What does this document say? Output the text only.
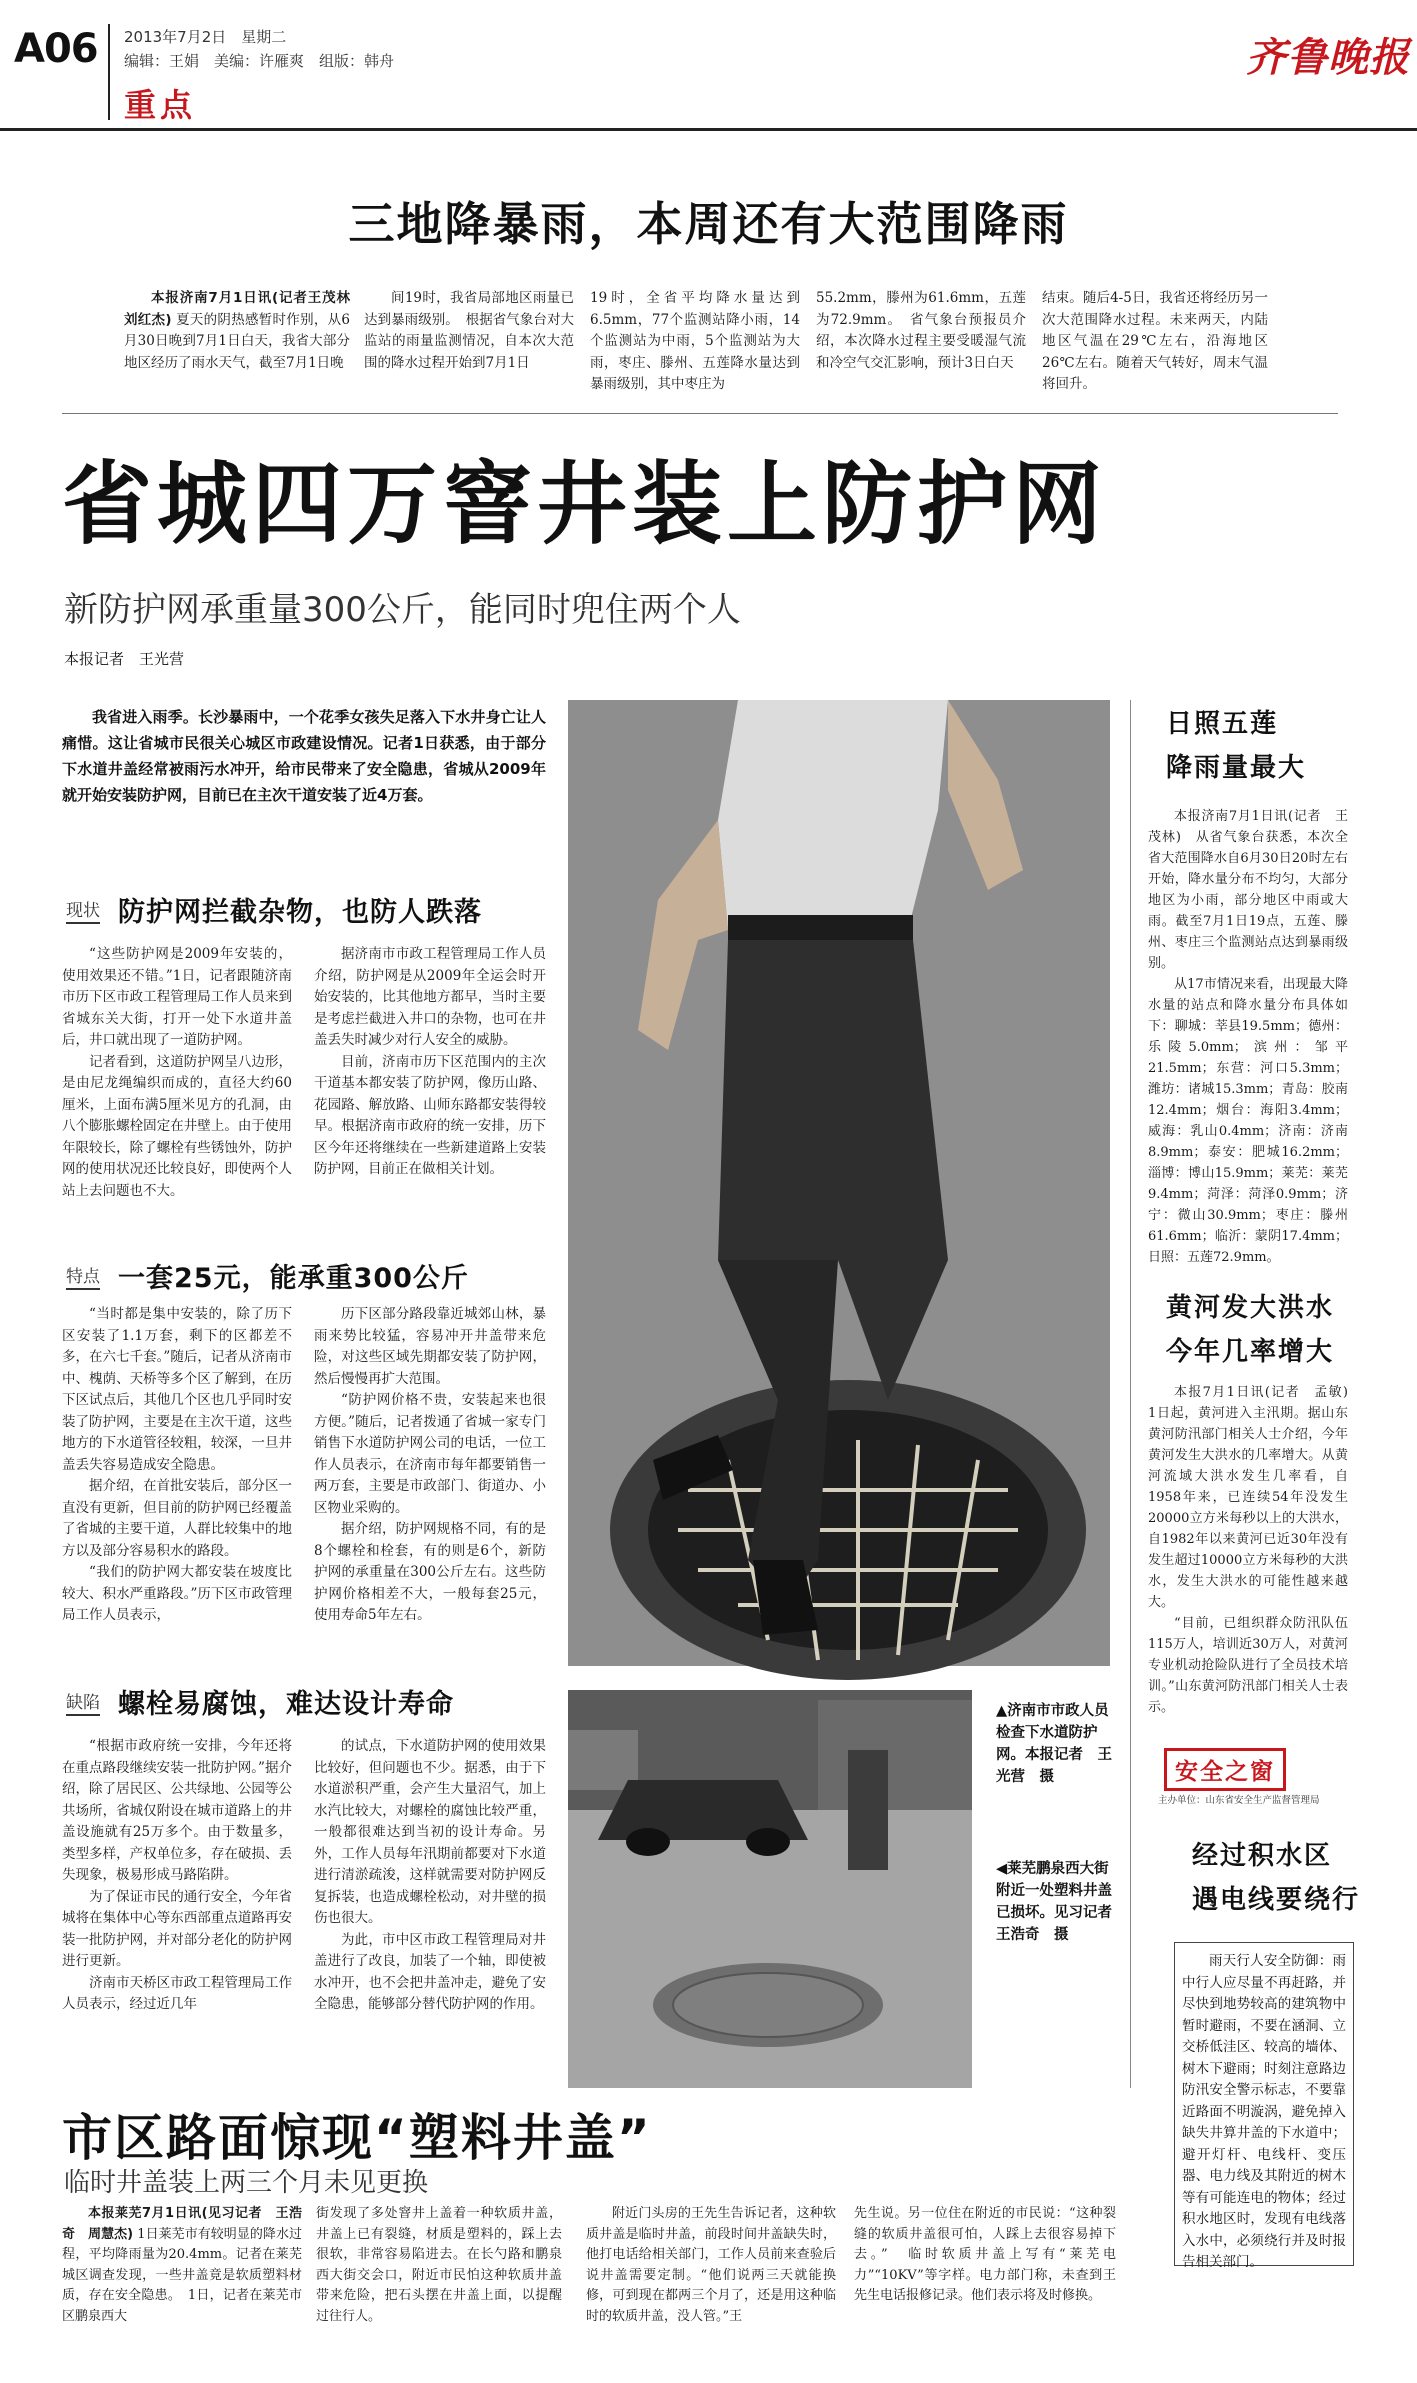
A06 2013年7月2日　星期二
编辑：王娟　美编：许雁爽　组版：韩舟
重点
齐鲁晚报
三地降暴雨，本周还有大范围降雨

本报济南7月1日讯(记者王茂林　刘红杰) 夏天的阴热感暂时作别，从6月30日晚到7月1日白天，我省大部分地区经历了雨水天气，截至7月1日晚

间19时，我省局部地区雨量已达到暴雨级别。　根据省气象台对大监站的雨量监测情况，自本次大范围的降水过程开始到7月1日

19时，全省平均降水量达到6.5mm，77个监测站降小雨，14个监测站为中雨，5个监测站为大雨，枣庄、滕州、五莲降水量达到暴雨级别，其中枣庄为

55.2mm，滕州为61.6mm，五莲为72.9mm。　省气象台预报员介绍，本次降水过程主要受暖湿气流和冷空气交汇影响，预计3日白天

结束。随后4-5日，我省还将经历另一次大范围降水过程。未来两天，内陆地区气温在29℃左右，沿海地区26℃左右。随着天气转好，周末气温将回升。

省城四万窨井装上防护网
新防护网承重量300公斤，能同时兜住两个人
本报记者　王光营

我省进入雨季。长沙暴雨中，一个花季女孩失足落入下水井身亡让人痛惜。这让省城市民很关心城区市政建设情况。记者1日获悉，由于部分下水道井盖经常被雨污水冲开，给市民带来了安全隐患，省城从2009年就开始安装防护网，目前已在主次干道安装了近4万套。

现状 防护网拦截杂物，也防人跌落

“这些防护网是2009年安装的，使用效果还不错。”1日，记者跟随济南市历下区市政工程管理局工作人员来到省城东关大街，打开一处下水道井盖后，井口就出现了一道防护网。

记者看到，这道防护网呈八边形，是由尼龙绳编织而成的，直径大约60厘米，上面布满5厘米见方的孔洞，由八个膨胀螺栓固定在井壁上。由于使用年限较长，除了螺栓有些锈蚀外，防护网的使用状况还比较良好，即使两个人站上去问题也不大。

据济南市市政工程管理局工作人员介绍，防护网是从2009年全运会时开始安装的，比其他地方都早，当时主要是考虑拦截进入井口的杂物，也可在井盖丢失时减少对行人安全的威胁。

目前，济南市历下区范围内的主次干道基本都安装了防护网，像历山路、花园路、解放路、山师东路都安装得较早。根据济南市政府的统一安排，历下区今年还将继续在一些新建道路上安装防护网，目前正在做相关计划。

特点 一套25元，能承重300公斤

“当时都是集中安装的，除了历下区安装了1.1万套，剩下的区都差不多，在六七千套。”随后，记者从济南市中、槐荫、天桥等多个区了解到，在历下区试点后，其他几个区也几乎同时安装了防护网，主要是在主次干道，这些地方的下水道管径较粗，较深，一旦井盖丢失容易造成安全隐患。

据介绍，在首批安装后，部分区一直没有更新，但目前的防护网已经覆盖了省城的主要干道，人群比较集中的地方以及部分容易积水的路段。

“我们的防护网大都安装在坡度比较大、积水严重路段。”历下区市政管理局工作人员表示，

历下区部分路段靠近城郊山林，暴雨来势比较猛，容易冲开井盖带来危险，对这些区域先期都安装了防护网，然后慢慢再扩大范围。

“防护网价格不贵，安装起来也很方便。”随后，记者拨通了省城一家专门销售下水道防护网公司的电话，一位工作人员表示，在济南市每年都要销售一两万套，主要是市政部门、街道办、小区物业采购的。

据介绍，防护网规格不同，有的是8个螺栓和栓套，有的则是6个，新防护网的承重量在300公斤左右。这些防护网价格相差不大，一般每套25元，使用寿命5年左右。

缺陷 螺栓易腐蚀，难达设计寿命

“根据市政府统一安排，今年还将在重点路段继续安装一批防护网。”据介绍，除了居民区、公共绿地、公园等公共场所，省城仅附设在城市道路上的井盖设施就有25万多个。由于数量多，类型多样，产权单位多，存在破损、丢失现象，极易形成马路陷阱。

为了保证市民的通行安全，今年省城将在集体中心等东西部重点道路再安装一批防护网，并对部分老化的防护网进行更新。

济南市天桥区市政工程管理局工作人员表示，经过近几年

的试点，下水道防护网的使用效果比较好，但问题也不少。据悉，由于下水道淤积严重，会产生大量沼气，加上水汽比较大，对螺栓的腐蚀比较严重，一般都很难达到当初的设计寿命。另外，工作人员每年汛期前都要对下水道进行清淤疏浚，这样就需要对防护网反复拆装，也造成螺栓松动，对井壁的损伤也很大。

为此，市中区市政工程管理局对井盖进行了改良，加装了一个轴，即使被水冲开，也不会把井盖冲走，避免了安全隐患，能够部分替代防护网的作用。

▲济南市市政人员检查下水道防护网。本报记者　王光营　摄
◀莱芜鹏泉西大街附近一处塑料井盖已损坏。见习记者　王浩奇　摄
日照五莲
降雨量最大

本报济南7月1日讯(记者　王茂林)　从省气象台获悉，本次全省大范围降水自6月30日20时左右开始，降水量分布不均匀，大部分地区为小雨，部分地区中雨或大雨。截至7月1日19点，五莲、滕州、枣庄三个监测站点达到暴雨级别。

从17市情况来看，出现最大降水量的站点和降水量分布具体如下：聊城：莘县19.5mm；德州：乐陵5.0mm；滨州：邹平21.5mm；东营：河口5.3mm；潍坊：诸城15.3mm；青岛：胶南12.4mm；烟台：海阳3.4mm；威海：乳山0.4mm；济南：济南8.9mm；泰安：肥城16.2mm；淄博：博山15.9mm；莱芜：莱芜9.4mm；菏泽：菏泽0.9mm；济宁：微山30.9mm；枣庄：滕州61.6mm；临沂：蒙阴17.4mm；日照：五莲72.9mm。

黄河发大洪水
今年几率增大

本报7月1日讯(记者　孟敏)　1日起，黄河进入主汛期。据山东黄河防汛部门相关人士介绍，今年黄河发生大洪水的几率增大。从黄河流域大洪水发生几率看，自1958年来，已连续54年没发生20000立方米每秒以上的大洪水，自1982年以来黄河已近30年没有发生超过10000立方米每秒的大洪水，发生大洪水的可能性越来越大。

“目前，已组织群众防汛队伍115万人，培训近30万人，对黄河专业机动抢险队进行了全员技术培训。”山东黄河防汛部门相关人士表示。

安全之窗
主办单位：山东省安全生产监督管理局
经过积水区
遇电线要绕行

雨天行人安全防御：雨中行人应尽量不再赶路，并尽快到地势较高的建筑物中暂时避雨，不要在涵洞、立交桥低洼区、较高的墙体、树木下避雨；时刻注意路边防汛安全警示标志，不要靠近路面不明漩涡，避免掉入缺失井算井盖的下水道中；避开灯杆、电线杆、变压器、电力线及其附近的树木等有可能连电的物体；经过积水地区时，发现有电线落入水中，必须绕行并及时报告相关部门。

市区路面惊现“塑料井盖”
临时井盖装上两三个月未见更换

本报莱芜7月1日讯(见习记者　王浩奇　周慧杰) 1日莱芜市有较明显的降水过程，平均降雨量为20.4mm。记者在莱芜城区调查发现，一些井盖竟是软质塑料材质，存在安全隐患。　1日，记者在莱芜市区鹏泉西大

街发现了多处窨井上盖着一种软质井盖，井盖上已有裂缝，材质是塑料的，踩上去很软，非常容易陷进去。在长勺路和鹏泉西大街交会口，附近市民怕这种软质井盖带来危险，把石头摆在井盖上面，以提醒过往行人。

附近门头房的王先生告诉记者，这种软质井盖是临时井盖，前段时间井盖缺失时，他打电话给相关部门，工作人员前来查验后说井盖需要定制。“他们说两三天就能换修，可到现在都两三个月了，还是用这种临时的软质井盖，没人管。”王

先生说。另一位住在附近的市民说：“这种裂缝的软质井盖很可怕，人踩上去很容易掉下去。”　临时软质井盖上写有“莱芜电力”“10KV”等字样。电力部门称，未查到王先生电话报修记录。他们表示将及时修换。
